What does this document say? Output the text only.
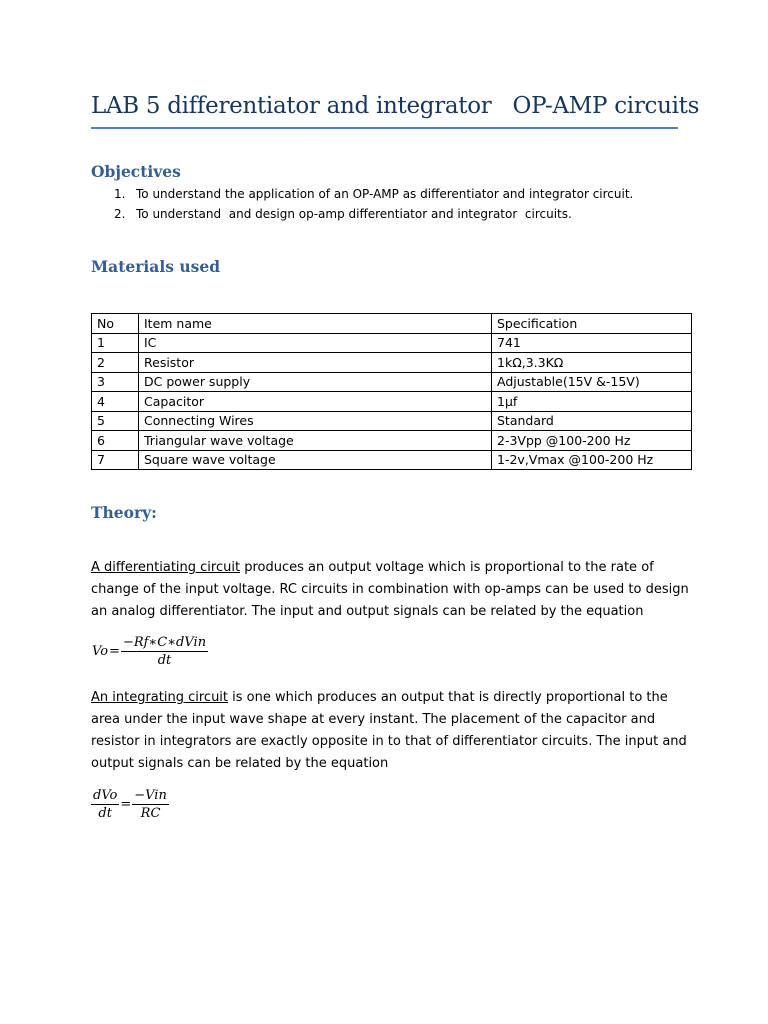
LAB 5 differentiator and integrator   OP-AMP circuits
Objectives
1. To understand the application of an OP-AMP as differentiator and integrator circuit.
2. To understand  and design op-amp differentiator and integrator  circuits.
Materials used
No	Item name	Specification
1	IC	741
2	Resistor	1kΩ,3.3KΩ
3	DC power supply	Adjustable(15V &-15V)
4	Capacitor	1µf
5	Connecting Wires	Standard
6	Triangular wave voltage	2-3Vpp @100-200 Hz
7	Square wave voltage	1-2v,Vmax @100-200 Hz
Theory:
A differentiating circuit produces an output voltage which is proportional to the rate of change of the input voltage. RC circuits in combination with op-amps can be used to design an analog differentiator. The input and output signals can be related by the equation
$Vo = \frac{\text{−Rf∗C∗dVin}}{dt}$
An integrating circuit is one which produces an output that is directly proportional to the area under the input wave shape at every instant. The placement of the capacitor and resistor in integrators are exactly opposite in to that of differentiator circuits. The input and output signals can be related by the equation
$\frac{\text{dVo}}{dt} = \frac{\text{−Vin}}{RC}$
